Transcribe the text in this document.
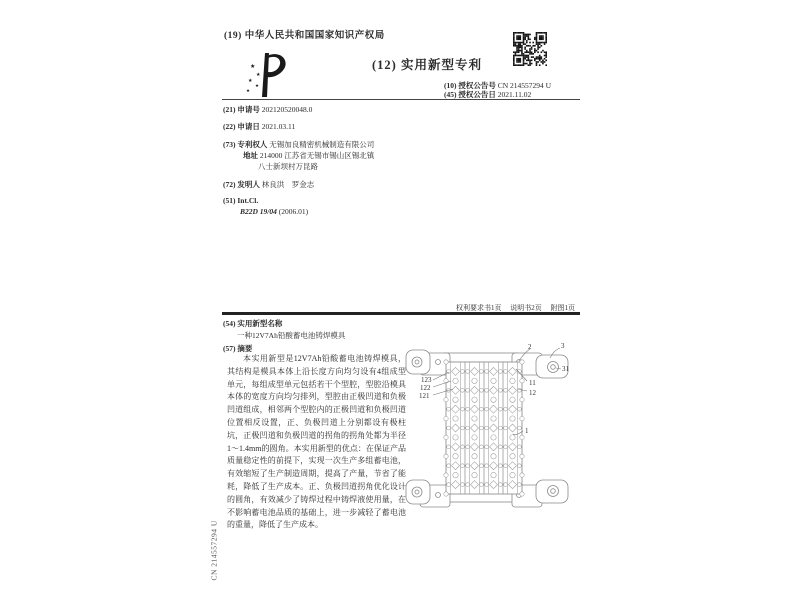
(19) 中华人民共和国国家知识产权局
★
★
★
★
★
(12) 实用新型专利
(10) 授权公告号 CN 214557294 U
(45) 授权公告日 2021.11.02
(21) 申请号 202120520048.0
(22) 申请日 2021.03.11
(73) 专利权人 无锡加良精密机械制造有限公司
地址 214000 江苏省无锡市锡山区锡北镇
八士新坝村万昆路
(72) 发明人 林良洪　罗金志
(51) Int.Cl.
B22D 19/04 (2006.01)
权利要求书1页 说明书2页 附图1页
(54) 实用新型名称
一种12V7Ah铅酸蓄电池铸焊模具
(57) 摘要
本实用新型是12V7Ah铅酸蓄电池铸焊模具，其结构是模具本体上沿长度方向均匀设有4组成型单元，每组成型单元包括若干个型腔，型腔沿模具本体的宽度方向均匀排列，型腔由正极凹道和负极凹道组成，相邻两个型腔内的正极凹道和负极凹道位置相反设置，正、负极凹道上分别都设有极柱坑，正极凹道和负极凹道的拐角的拐角处都为半径1～1.4mm的圆角。本实用新型的优点：在保证产品质量稳定性的前提下，实现一次生产多组蓄电池，有效缩短了生产制造周期，提高了产量，节省了能耗，降低了生产成本。正、负极凹道拐角优化设计的圆角，有效减少了铸焊过程中铸焊液使用量，在不影响蓄电池品质的基础上，进一步减轻了蓄电池的重量，降低了生产成本。
CN 214557294 U
2	3
31
11
12
1
123
122
121
